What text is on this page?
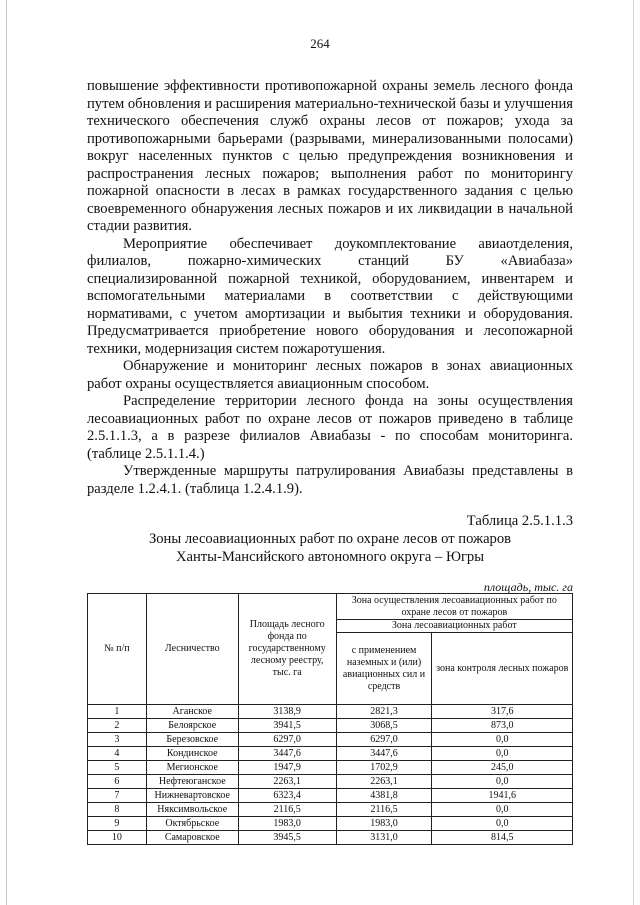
264

повышение эффективности противопожарной охраны земель лесного фонда путем обновления и расширения материально-технической базы и улучшения технического обеспечения служб охраны лесов от пожаров; ухода за противопожарными барьерами (разрывами, минерализованными полосами) вокруг населенных пунктов с целью предупреждения возникновения и распространения лесных пожаров; выполнения работ по мониторингу пожарной опасности в лесах в рамках государственного задания с целью своевременного обнаружения лесных пожаров и их ликвидации в начальной стадии развития.

Мероприятие обеспечивает доукомплектование авиаотделения, филиалов, пожарно-химических станций БУ «Авиабаза» специализированной пожарной техникой, оборудованием, инвентарем и вспомогательными материалами в соответствии с действующими нормативами, с учетом амортизации и выбытия техники и оборудования. Предусматривается приобретение нового оборудования и лесопожарной техники, модернизация систем пожаротушения.

Обнаружение и мониторинг лесных пожаров в зонах авиационных работ охраны осуществляется авиационным способом.

Распределение территории лесного фонда на зоны осуществления лесоавиационных работ по охране лесов от пожаров приведено в таблице 2.5.1.1.3, а в разрезе филиалов Авиабазы - по способам мониторинга. (таблице 2.5.1.1.4.)

Утвержденные маршруты патрулирования Авиабазы представлены в разделе 1.2.4.1. (таблица 1.2.4.1.9).

Таблица 2.5.1.1.3
Зоны лесоавиационных работ по охране лесов от пожаров
Ханты-Мансийского автономного округа – Югры
площадь, тыс. га
№ п/п	Лесничество	Площадь лесного фонда по государственному лесному реестру, тыс. га	Зона осуществления лесоавиационных работ по охране лесов от пожаров	
			Зона лесоавиационных работ	
			с применением наземных и (или) авиационных сил и средств	зона контроля лесных пожаров
1	Аганское	3138,9	2821,3	317,6
2	Белоярское	3941,5	3068,5	873,0
3	Березовское	6297,0	6297,0	0,0
4	Кондинское	3447,6	3447,6	0,0
5	Мегионское	1947,9	1702,9	245,0
6	Нефтеюганское	2263,1	2263,1	0,0
7	Нижневартовское	6323,4	4381,8	1941,6
8	Няксимвольское	2116,5	2116,5	0,0
9	Октябрьское	1983,0	1983,0	0,0
10	Самаровское	3945,5	3131,0	814,5
